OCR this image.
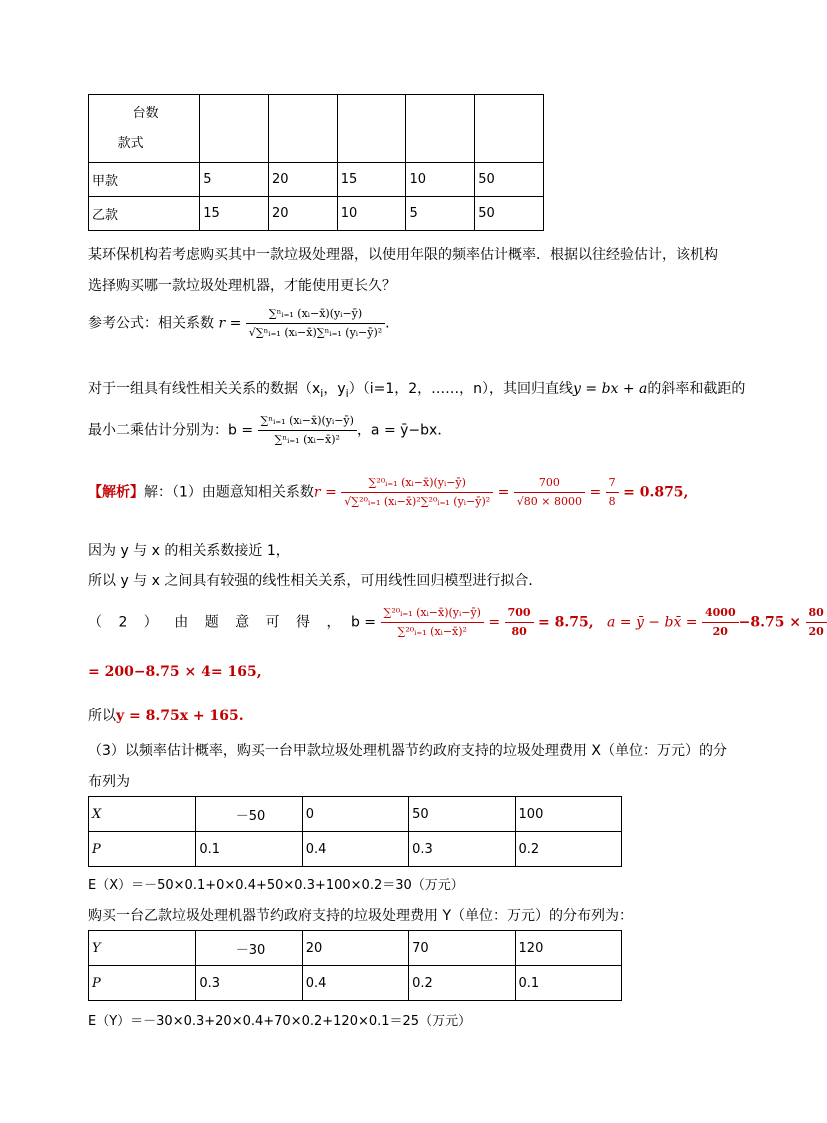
台数
款式					

甲款	5	20	15	10	50
乙款	15	20	10	5	50
某环保机构若考虑购买其中一款垃圾处理器，以使用年限的频率估计概率．根据以往经验估计，该机构
选择购买哪一款垃圾处理机器，才能使用更长久？
参考公式：相关系数 $r = \frac{\text{∑ⁿᵢ₌₁ (xᵢ−x̄)(yᵢ−ȳ)}}{\text{√∑ⁿᵢ₌₁ (xᵢ−x̄)∑ⁿᵢ₌₁ (yᵢ−ȳ)²}}$ .
对于一组具有线性相关关系的数据（$x_i$，$y_i)(i=1$，2，……，n），其回归直线y = bx + a的斜率和截距的
最小二乘估计分别为：$b = \frac{\text{∑ⁿᵢ₌₁ (xᵢ−x̄)(yᵢ−ȳ)}}{\text{∑ⁿᵢ₌₁ (xᵢ−x̄)²}}$ ，a = ȳ−bx．
【解析】解：（1）由题意知相关系数$r = \frac{\text{∑²⁰ᵢ₌₁ (xᵢ−x̄)(yᵢ−ȳ)}}{\text{√∑²⁰ᵢ₌₁ (xᵢ−x̄)²∑²⁰ᵢ₌₁ (yᵢ−ȳ)²}} = \frac{700}{√80 \times 8000} = \frac{7}{8} = 0.875$,
因为 y 与 x 的相关系数接近 1，
所以 y 与 x 之间具有较强的线性相关关系，可用线性回归模型进行拟合．
（ 2 ） 由 题 意 可 得 ， $b = \frac{\text{∑²⁰ᵢ₌₁ (xᵢ−x̄)(yᵢ−ȳ)}}{\text{∑²⁰ᵢ₌₁ (xᵢ−x̄)²}} = \frac{700}{80} = 8.75$, a = ȳ − bx̄ = $\frac{4000}{20} -8.75 \times \frac{80}{20}$
= 200−8.75 × 4= 165,
所以y = 8.75x + 165.
（3）以频率估计概率，购买一台甲款垃圾处理机器节约政府支持的垃圾处理费用 X（单位：万元）的分
布列为
X	－50	0	50	100
P	0.1	0.4	0.3	0.2
E（X）＝－50×0.1+0×0.4+50×0.3+100×0.2＝30（万元）
购买一台乙款垃圾处理机器节约政府支持的垃圾处理费用 Y（单位：万元）的分布列为：
Y	－30	20	70	120
P	0.3	0.4	0.2	0.1
E（Y）＝－30×0.3+20×0.4+70×0.2+120×0.1＝25（万元）
